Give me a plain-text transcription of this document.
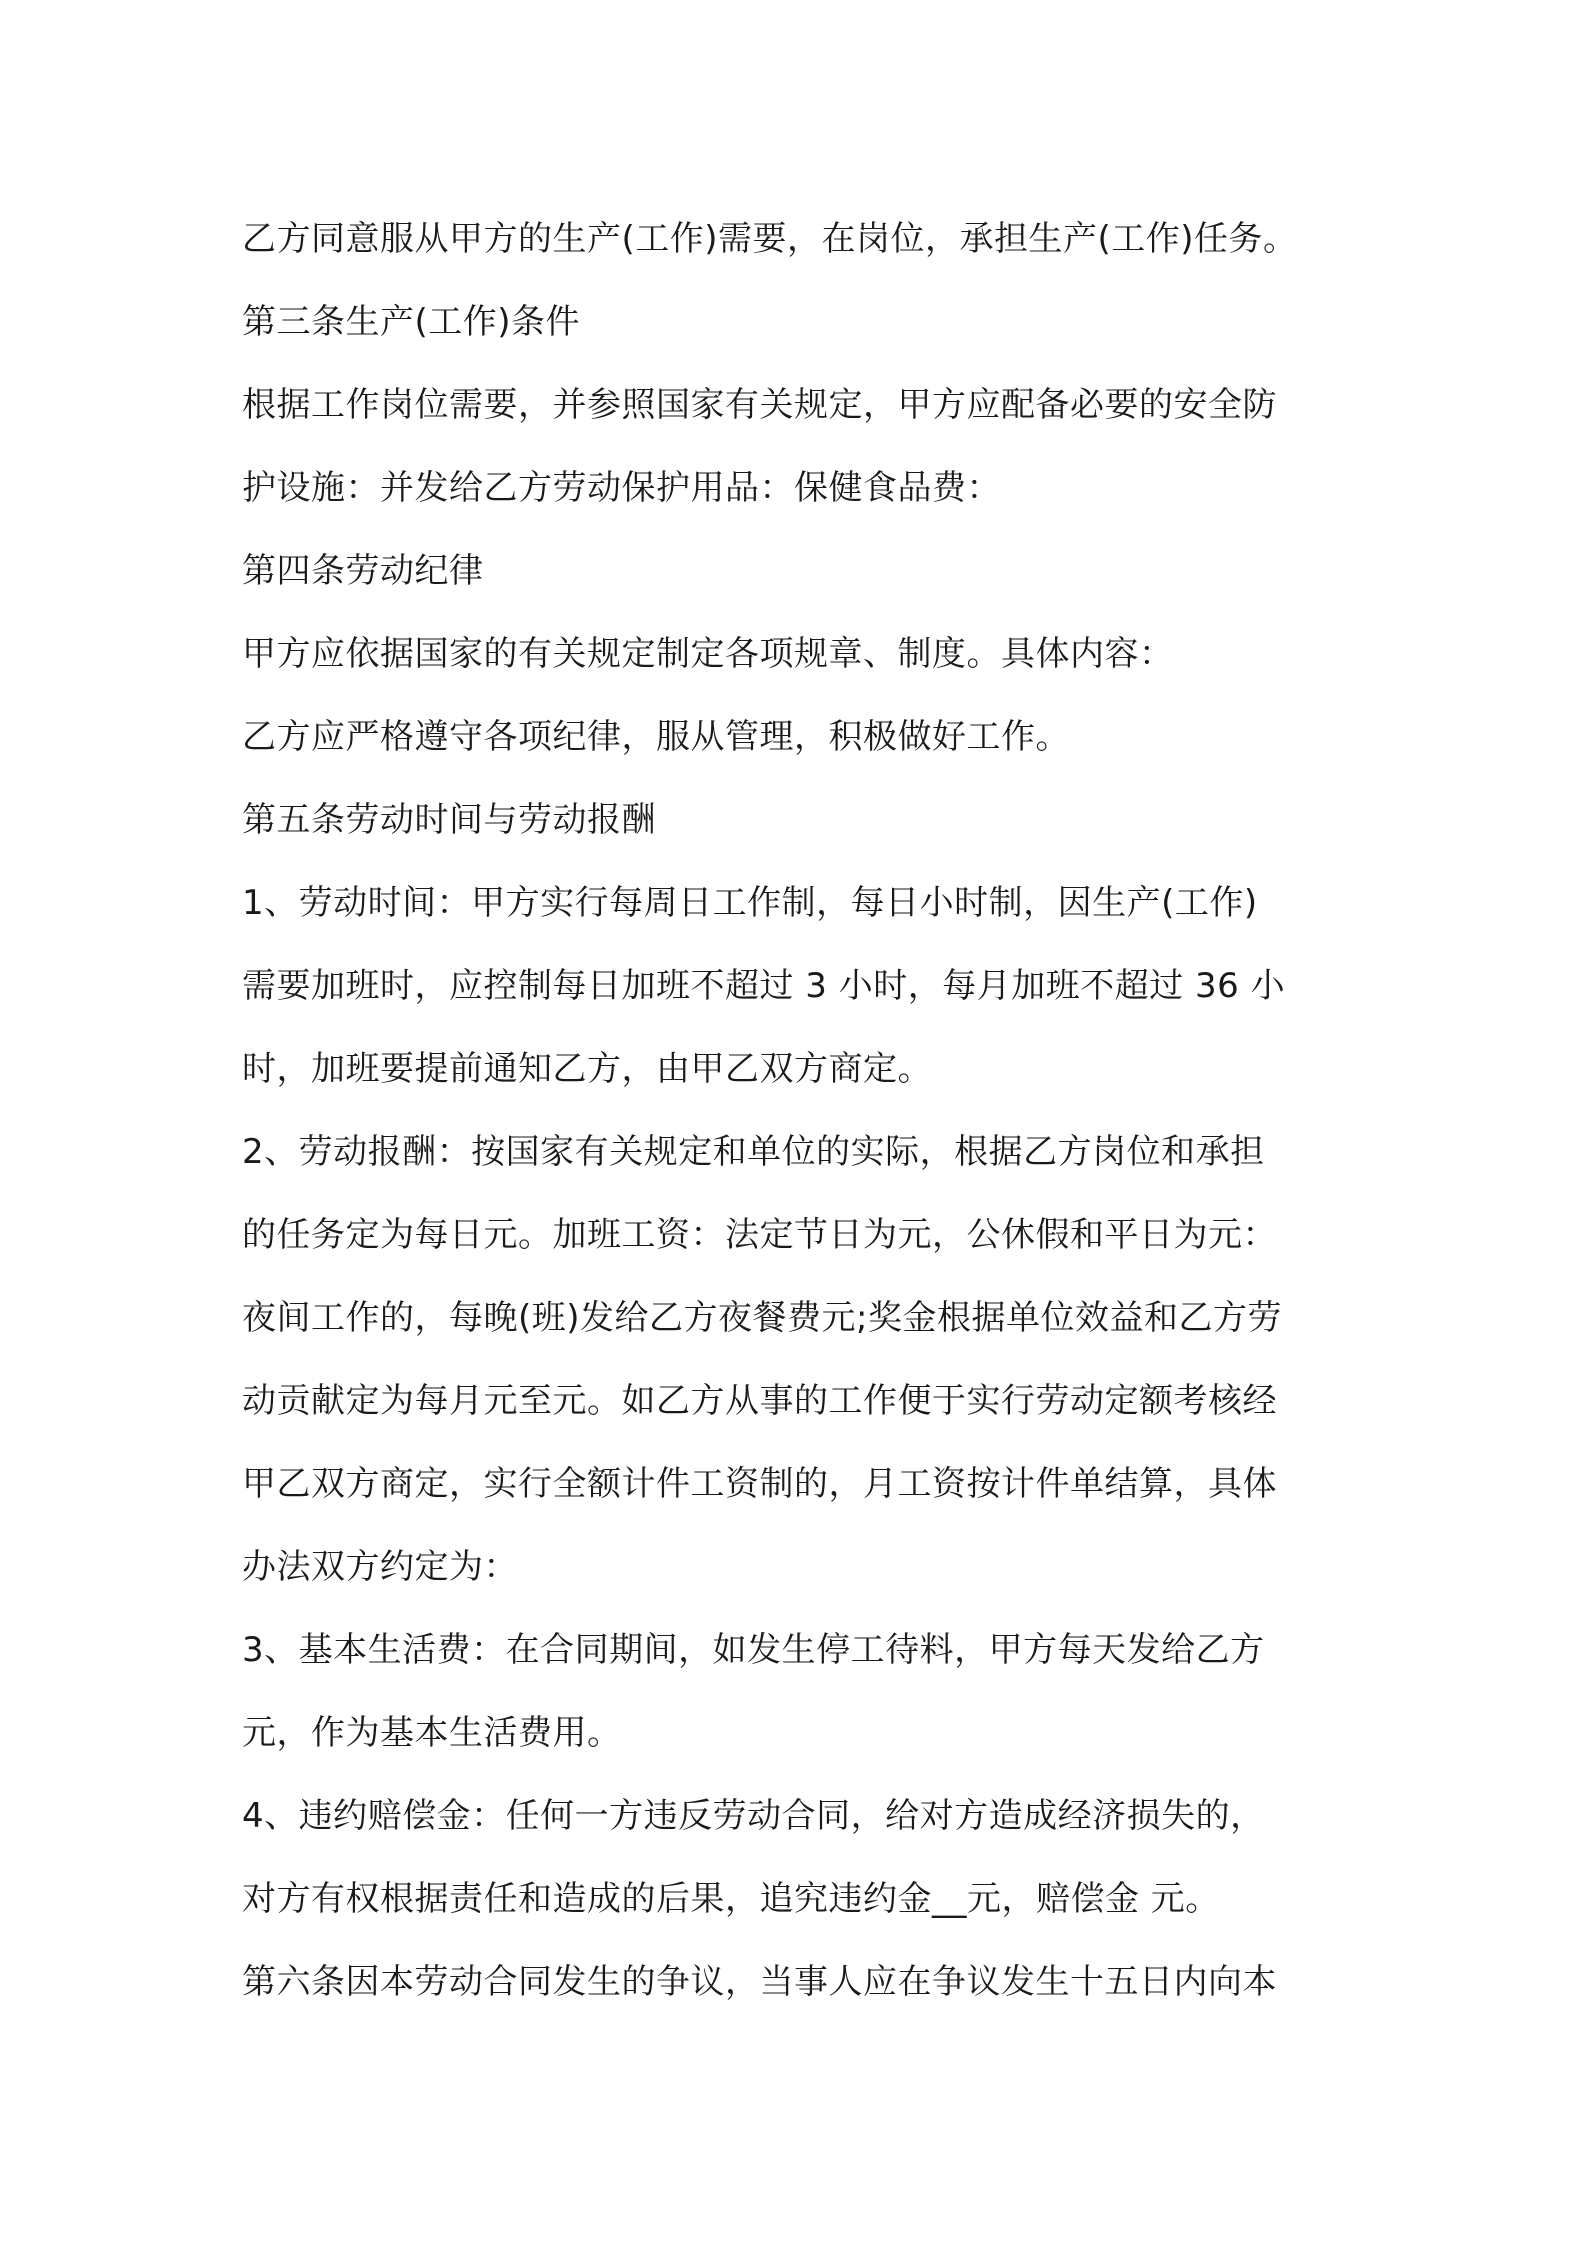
乙方同意服从甲方的生产(工作)需要，在岗位，承担生产(工作)任务。
第三条生产(工作)条件
根据工作岗位需要，并参照国家有关规定，甲方应配备必要的安全防
护设施：并发给乙方劳动保护用品：保健食品费：
第四条劳动纪律
甲方应依据国家的有关规定制定各项规章、制度。具体内容：
乙方应严格遵守各项纪律，服从管理，积极做好工作。
第五条劳动时间与劳动报酬
1、劳动时间：甲方实行每周日工作制，每日小时制，因生产(工作)
需要加班时，应控制每日加班不超过 3 小时，每月加班不超过 36 小
时，加班要提前通知乙方，由甲乙双方商定。
2、劳动报酬：按国家有关规定和单位的实际，根据乙方岗位和承担
的任务定为每日元。加班工资：法定节日为元，公休假和平日为元：
夜间工作的，每晚(班)发给乙方夜餐费元;奖金根据单位效益和乙方劳
动贡献定为每月元至元。如乙方从事的工作便于实行劳动定额考核经
甲乙双方商定，实行全额计件工资制的，月工资按计件单结算，具体
办法双方约定为：
3、基本生活费：在合同期间，如发生停工待料，甲方每天发给乙方
元，作为基本生活费用。
4、违约赔偿金：任何一方违反劳动合同，给对方造成经济损失的，
对方有权根据责任和造成的后果，追究违约金__元，赔偿金 元。
第六条因本劳动合同发生的争议，当事人应在争议发生十五日内向本
